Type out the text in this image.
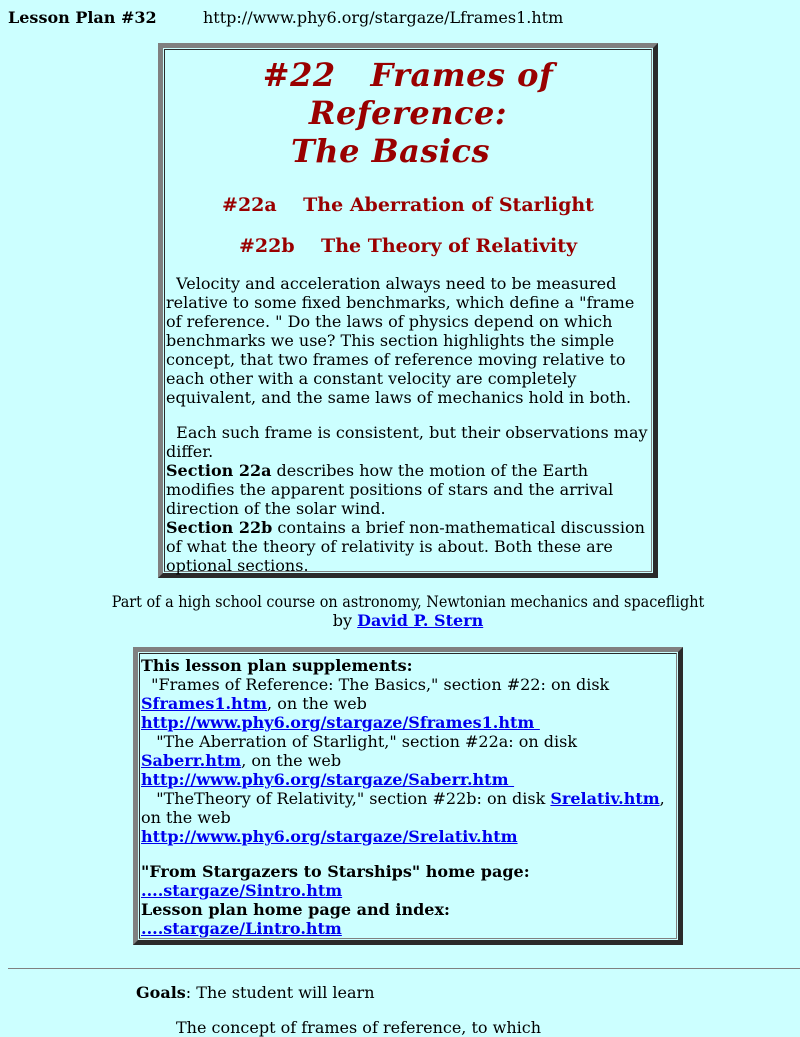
Lesson Plan #32	http://www.phy6.org/stargaze/Lframes1.htm
#22   Frames of
Reference:
The Basics
#22a    The Aberration of Starlight
#22b    The Theory of Relativity
Velocity and acceleration always need to be measured relative to some fixed benchmarks, which define a "frame of reference. " Do the laws of physics depend on which benchmarks we use? This section highlights the simple concept, that two frames of reference moving relative to each other with a constant velocity are completely equivalent, and the same laws of mechanics hold in both.
Each such frame is consistent, but their observations may differ.
Section 22a describes how the motion of the Earth modifies the apparent positions of stars and the arrival direction of the solar wind.
Section 22b contains a brief non-mathematical discussion of what the theory of relativity is about. Both these are optional sections.
Part of a high school course on astronomy, Newtonian mechanics and spaceflight
by David P. Stern
This lesson plan supplements:
"Frames of Reference: The Basics," section #22: on disk
Sframes1.htm, on the web
http://www.phy6.org/stargaze/Sframes1.htm
"The Aberration of Starlight," section #22a: on disk
Saberr.htm, on the web
http://www.phy6.org/stargaze/Saberr.htm
"TheTheory of Relativity," section #22b: on disk Srelativ.htm,
on the web
http://www.phy6.org/stargaze/Srelativ.htm

"From Stargazers to Starships" home page:
....stargaze/Sintro.htm
Lesson plan home page and index:
....stargaze/Lintro.htm
Goals: The student will learn
The concept of frames of reference, to which
